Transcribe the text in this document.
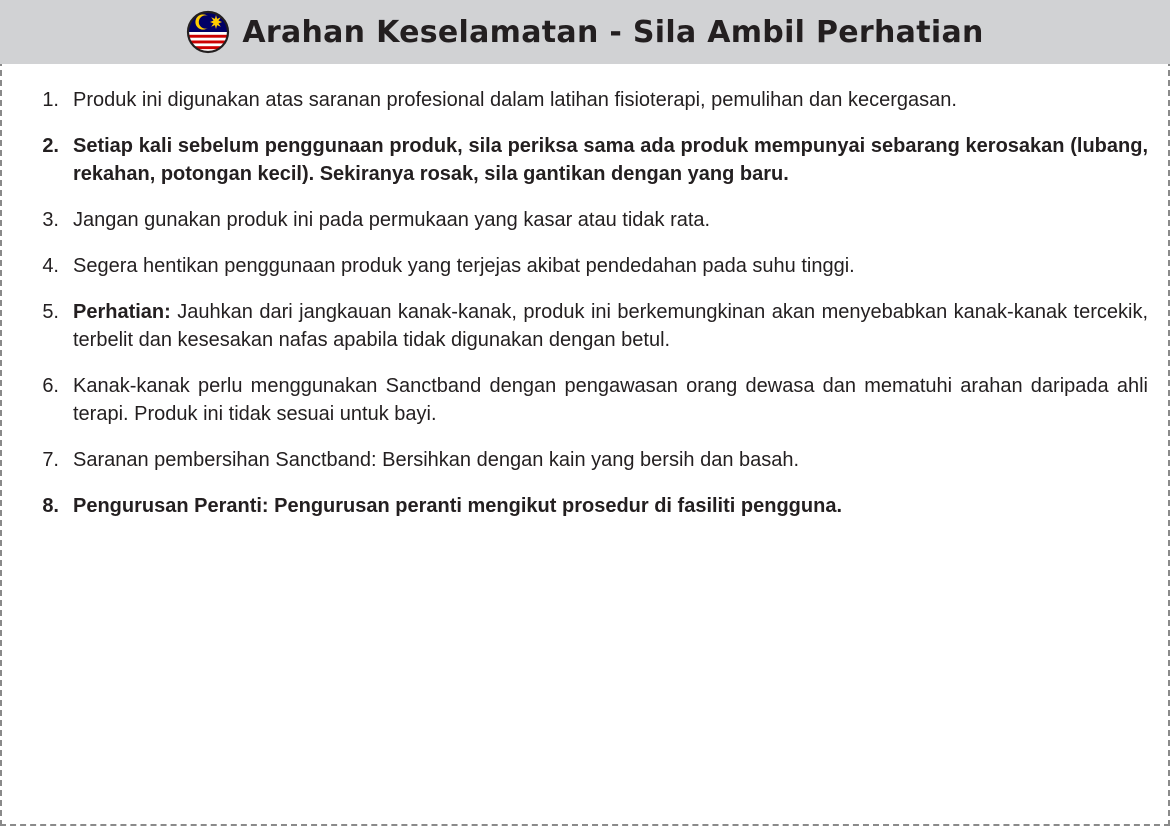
Arahan Keselamatan - Sila Ambil Perhatian
1. Produk ini digunakan atas saranan profesional dalam latihan fisioterapi, pemulihan dan kecergasan.
2. Setiap kali sebelum penggunaan produk, sila periksa sama ada produk mempunyai sebarang kerosakan (lubang, rekahan, potongan kecil). Sekiranya rosak, sila gantikan dengan yang baru.
3. Jangan gunakan produk ini pada permukaan yang kasar atau tidak rata.
4. Segera hentikan penggunaan produk yang terjejas akibat pendedahan pada suhu tinggi.
5. Perhatian: Jauhkan dari jangkauan kanak-kanak, produk ini berkemungkinan akan menyebabkan kanak-kanak tercekik, terbelit dan kesesakan nafas apabila tidak digunakan dengan betul.
6. Kanak-kanak perlu menggunakan Sanctband dengan pengawasan orang dewasa dan mematuhi arahan daripada ahli terapi. Produk ini tidak sesuai untuk bayi.
7. Saranan pembersihan Sanctband: Bersihkan dengan kain yang bersih dan basah.
8. Pengurusan Peranti: Pengurusan peranti mengikut prosedur di fasiliti pengguna.
